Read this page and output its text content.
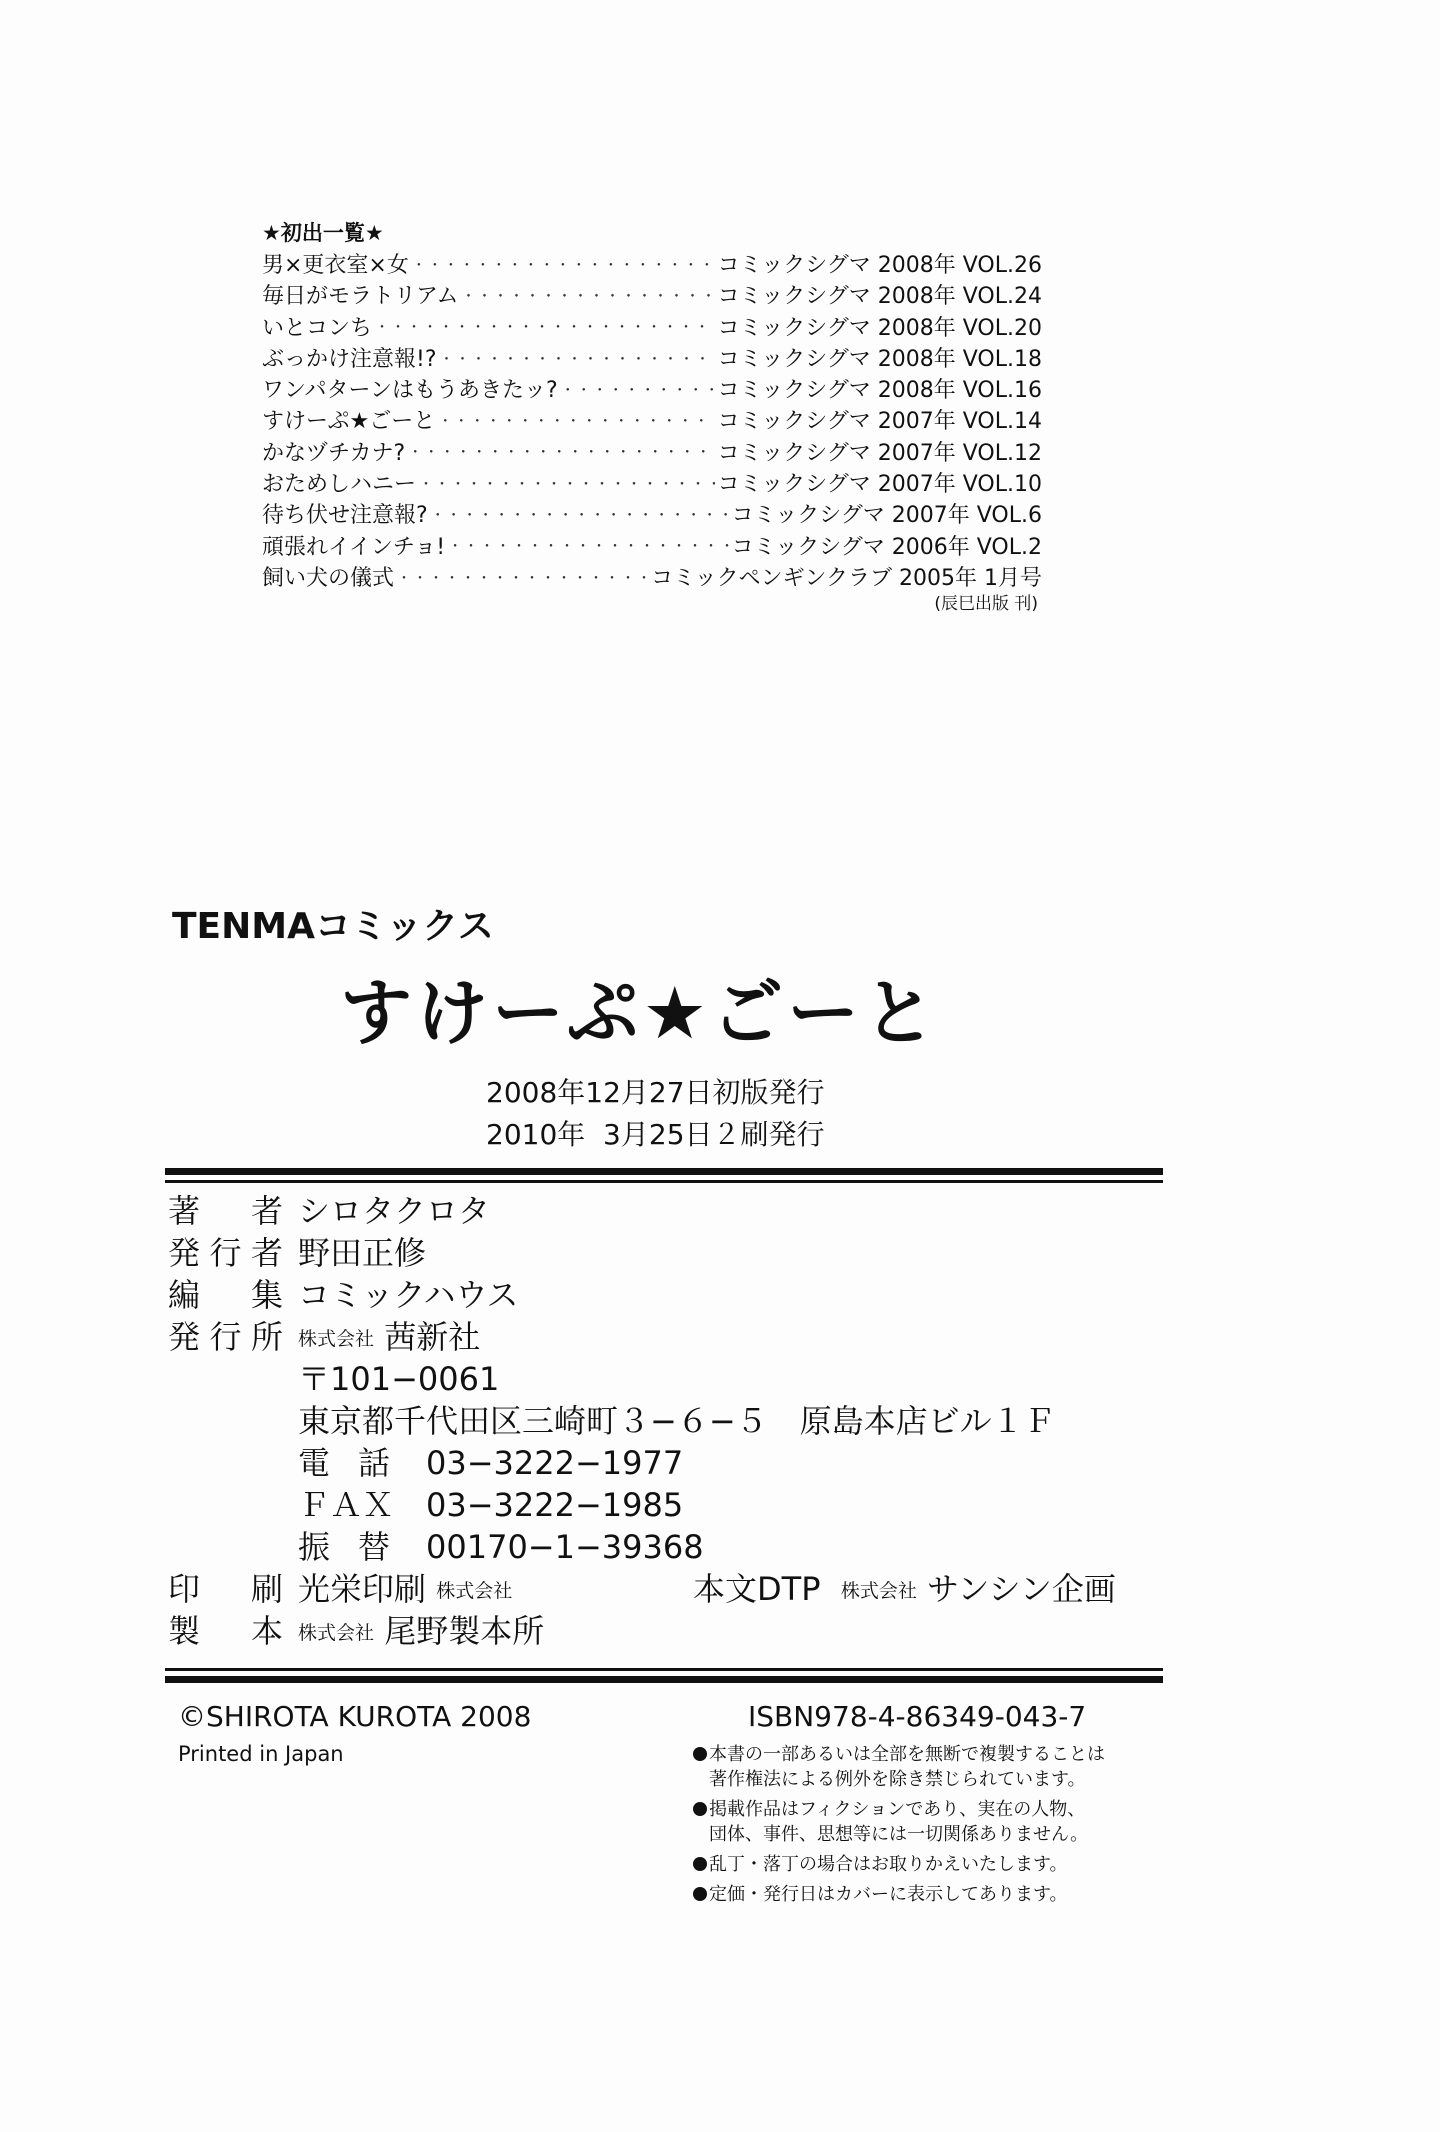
★初出一覧★
男×更衣室×女 ・・・・・・・・・・・・・・・・・・・・・・・・・・・・・・・・・・・・・・・・・・・・・・・・・・・・・・・・・・・・・・・・	コミックシグマ 2008年 VOL.26
毎日がモラトリアム ・・・・・・・・・・・・・・・・・・・・・・・・・・・・・・・・・・・・・・・・・・・・・・・・・・・・・・・・・・・・・・・・	コミックシグマ 2008年 VOL.24
いとコンち ・・・・・・・・・・・・・・・・・・・・・・・・・・・・・・・・・・・・・・・・・・・・・・・・・・・・・・・・・・・・・・・・	コミックシグマ 2008年 VOL.20
ぶっかけ注意報!? ・・・・・・・・・・・・・・・・・・・・・・・・・・・・・・・・・・・・・・・・・・・・・・・・・・・・・・・・・・・・・・・・	コミックシグマ 2008年 VOL.18
ワンパターンはもうあきたッ? ・・・・・・・・・・・・・・・・・・・・・・・・・・・・・・・・・・・・・・・・・・・・・・・・・・・・・・・・・・・・・・・・	コミックシグマ 2008年 VOL.16
すけーぷ★ごーと ・・・・・・・・・・・・・・・・・・・・・・・・・・・・・・・・・・・・・・・・・・・・・・・・・・・・・・・・・・・・・・・・	コミックシグマ 2007年 VOL.14
かなヅチカナ? ・・・・・・・・・・・・・・・・・・・・・・・・・・・・・・・・・・・・・・・・・・・・・・・・・・・・・・・・・・・・・・・・	コミックシグマ 2007年 VOL.12
おためしハニー ・・・・・・・・・・・・・・・・・・・・・・・・・・・・・・・・・・・・・・・・・・・・・・・・・・・・・・・・・・・・・・・・	コミックシグマ 2007年 VOL.10
待ち伏せ注意報? ・・・・・・・・・・・・・・・・・・・・・・・・・・・・・・・・・・・・・・・・・・・・・・・・・・・・・・・・・・・・・・・・	コミックシグマ 2007年 VOL.6
頑張れイインチョ! ・・・・・・・・・・・・・・・・・・・・・・・・・・・・・・・・・・・・・・・・・・・・・・・・・・・・・・・・・・・・・・・・	コミックシグマ 2006年 VOL.2
飼い犬の儀式 ・・・・・・・・・・・・・・・・・・・・・・・・・・・・・・・・・・・・・・・・・・・・・・・・・・・・・・・・・・・・・・・・	コミックペンギンクラブ 2005年 1月号
(辰巳出版 刊)
TENMAコミックス
すけーぷ★ごーと
2008年12月27日初版発行
2010年  3月25日２刷発行
著者 シロタクロタ
発行者 野田正修
編集 コミックハウス
発行所 株式会社 茜新社
〒101−0061
東京都千代田区三崎町３−６−５　原島本店ビル１Ｆ
電話 03−3222−1977
ＦＡＸ 03−3222−1985
振替 00170−1−39368
印刷 光栄印刷 株式会社	本文DTP 株式会社 サンシン企画
製本 株式会社 尾野製本所
©SHIROTA KUROTA 2008
Printed in Japan
ISBN978-4-86349-043-7
本書の一部あるいは全部を無断で複製することは
著作権法による例外を除き禁じられています。
掲載作品はフィクションであり、実在の人物、
団体、事件、思想等には一切関係ありません。
乱丁・落丁の場合はお取りかえいたします。
定価・発行日はカバーに表示してあります。
